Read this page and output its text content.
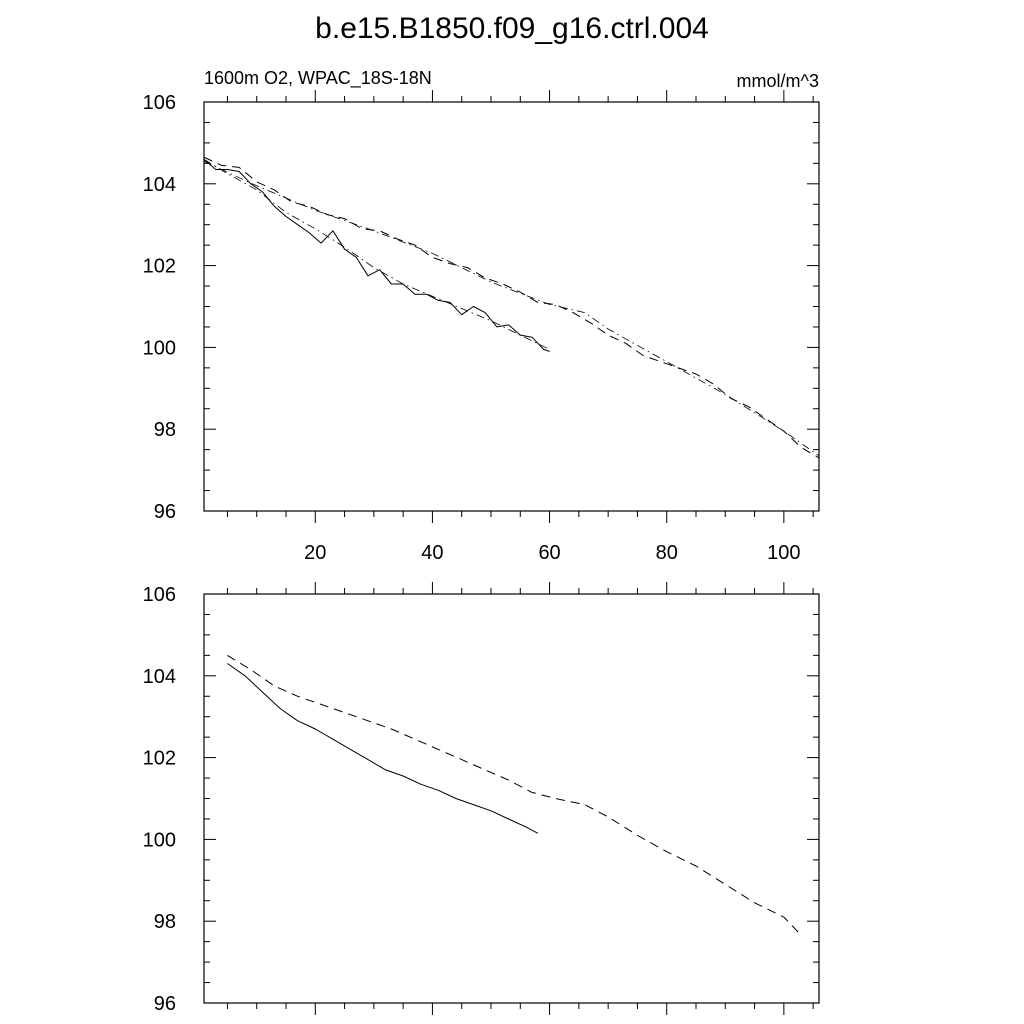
b.e15.B1850.f09_g16.ctrl.004
96
98
100
102
104
106
20	40	60	80	100
1600m O2, WPAC_18S-18N	mmol/m^3
96
98
100
102
104
106
